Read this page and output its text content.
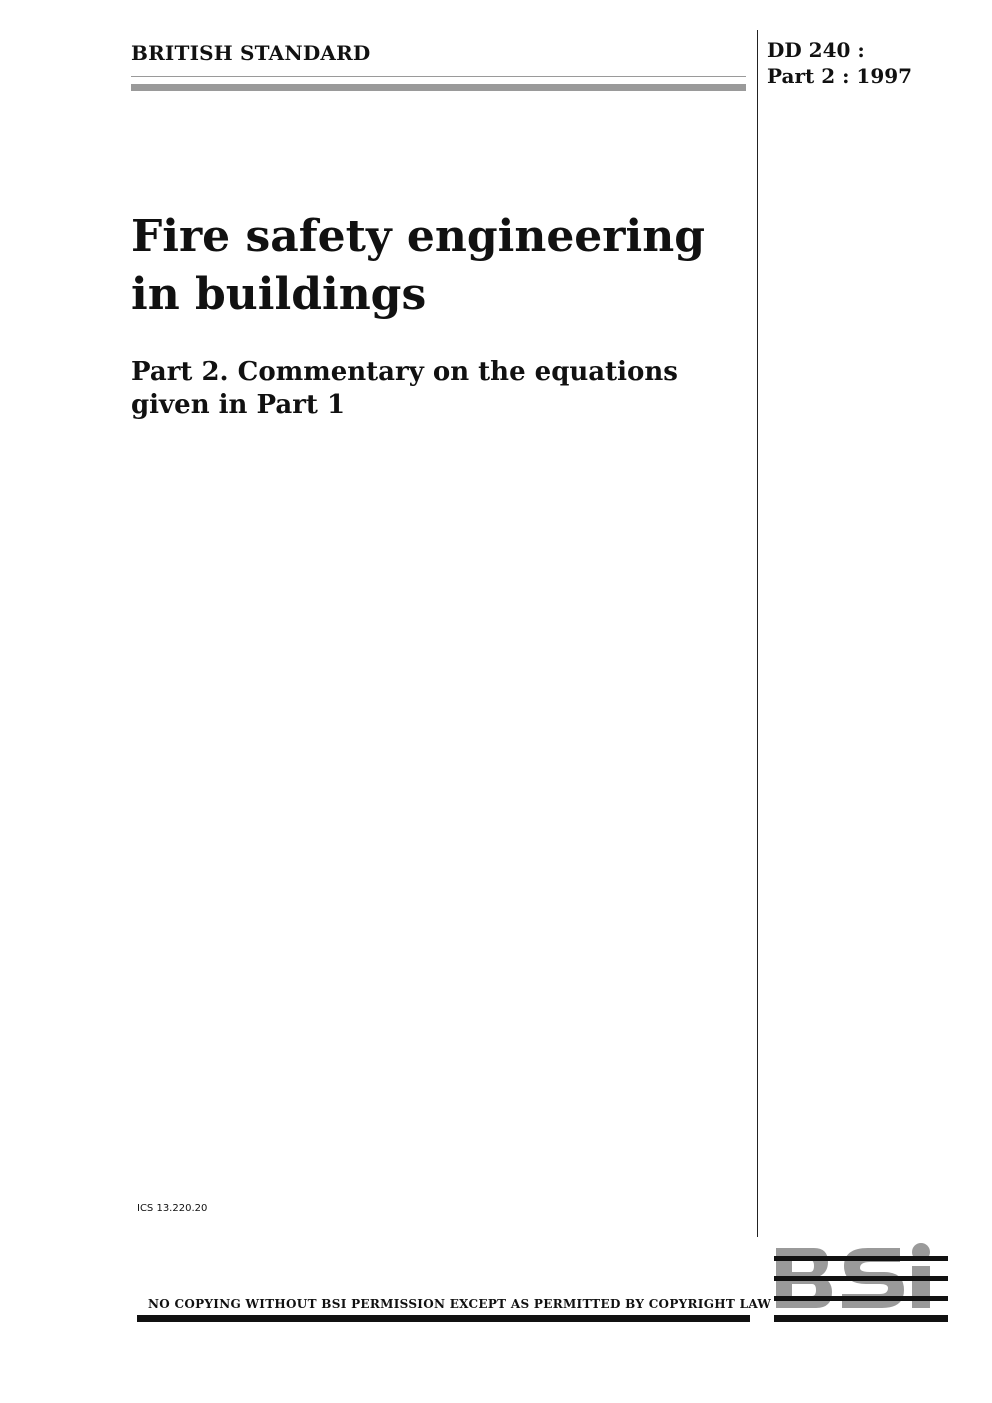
BRITISH STANDARD	DD 240 :
Part 2 : 1997
Fire safety engineering
in buildings
Part 2. Commentary on the equations
given in Part 1
ICS 13.220.20
NO COPYING WITHOUT BSI PERMISSION EXCEPT AS PERMITTED BY COPYRIGHT LAW
